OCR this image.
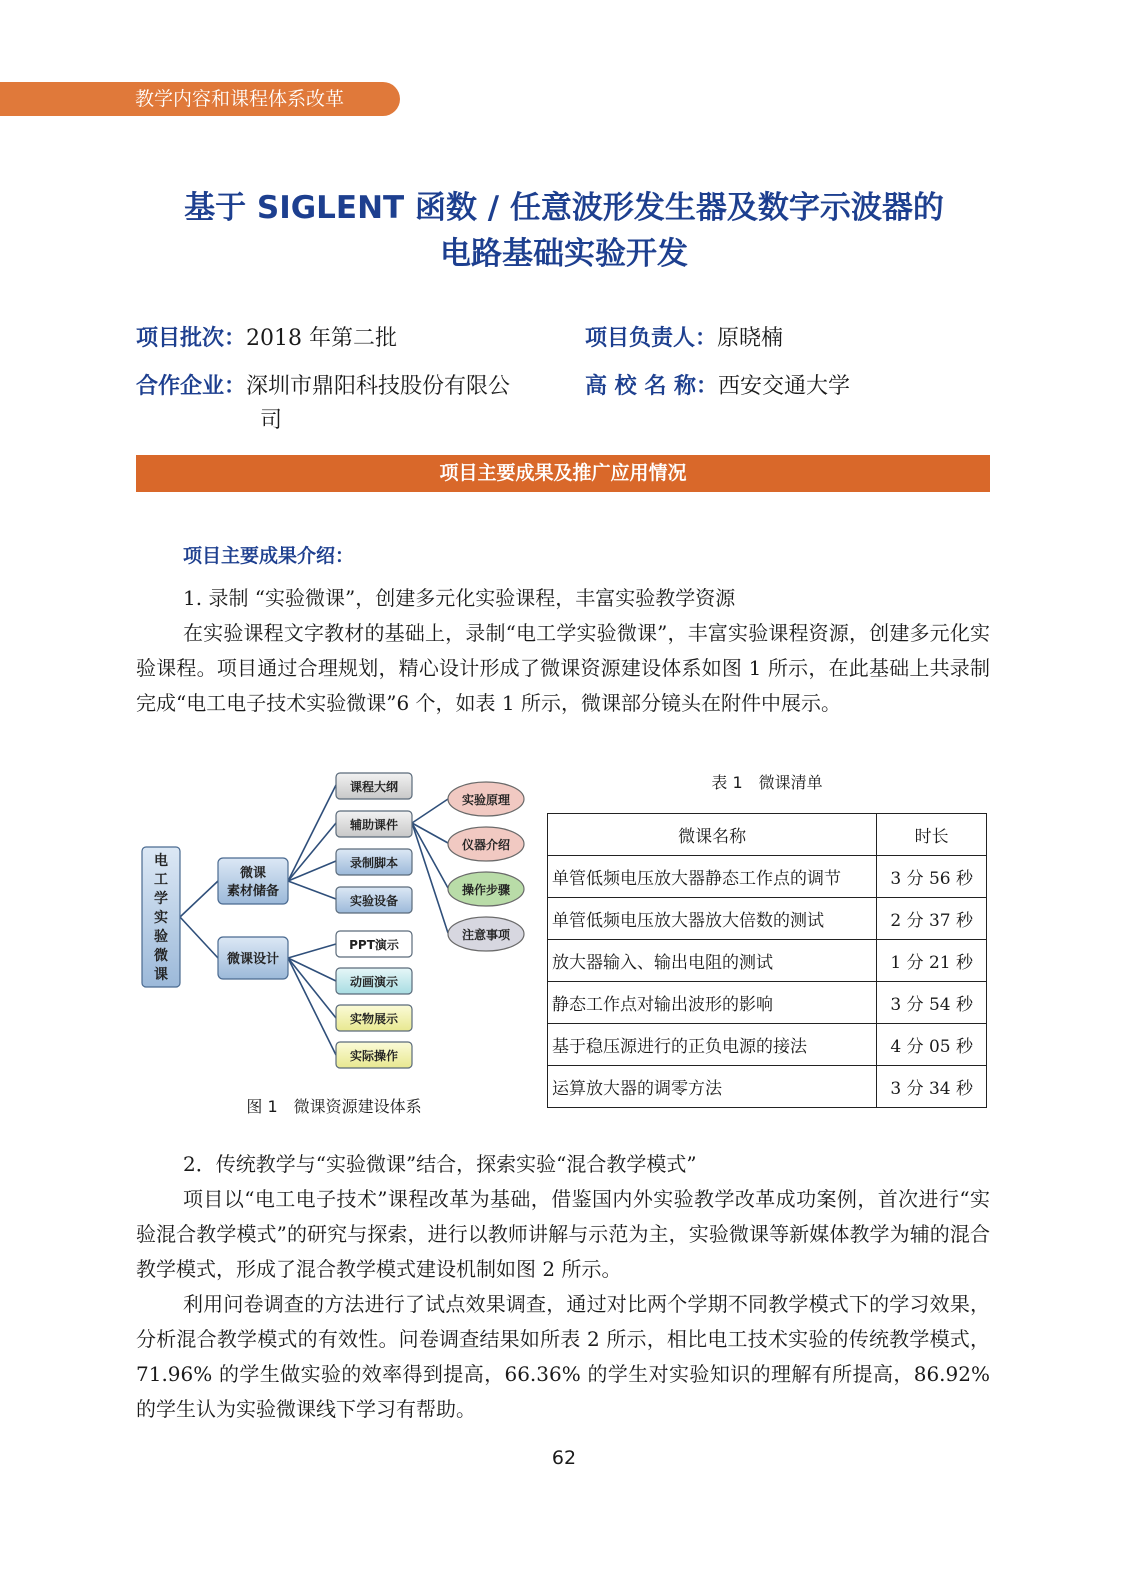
教学内容和课程体系改革
基于 SIGLENT 函数 / 任意波形发生器及数字示波器的
电路基础实验开发
项目批次：2018 年第二批	项目负责人：原晓楠
合作企业：深圳市鼎阳科技股份有限公
司
高 校 名 称：西安交通大学
项目主要成果及推广应用情况
项目主要成果介绍：

1. 录制 “实验微课”，创建多元化实验课程，丰富实验教学资源

在实验课程文字教材的基础上，录制“电工学实验微课”，丰富实验课程资源，创建多元化实验课程。项目通过合理规划，精心设计形成了微课资源建设体系如图 1 所示，在此基础上共录制完成“电工电子技术实验微课”6 个，如表 1 所示，微课部分镜头在附件中展示。

电工学实验微课
微课素材储备
微课设计
课程大纲
辅助课件
录制脚本
实验设备
PPT演示
动画演示
实物展示
实际操作
实验原理
仪器介绍
操作步骤
注意事项
图 1　微课资源建设体系
表 1　微课清单
微课名称	时长
单管低频电压放大器静态工作点的调节	3 分 56 秒
单管低频电压放大器放大倍数的测试	2 分 37 秒
放大器输入、输出电阻的测试	1 分 21 秒
静态工作点对输出波形的影响	3 分 54 秒
基于稳压源进行的正负电源的接法	4 分 05 秒
运算放大器的调零方法	3 分 34 秒

2．传统教学与“实验微课”结合，探索实验“混合教学模式”

项目以“电工电子技术”课程改革为基础，借鉴国内外实验教学改革成功案例，首次进行“实验混合教学模式”的研究与探索，进行以教师讲解与示范为主，实验微课等新媒体教学为辅的混合教学模式，形成了混合教学模式建设机制如图 2 所示。

利用问卷调查的方法进行了试点效果调查，通过对比两个学期不同教学模式下的学习效果，分析混合教学模式的有效性。问卷调查结果如所表 2 所示，相比电工技术实验的传统教学模式，71.96% 的学生做实验的效率得到提高，66.36% 的学生对实验知识的理解有所提高，86.92% 的学生认为实验微课线下学习有帮助。

62
